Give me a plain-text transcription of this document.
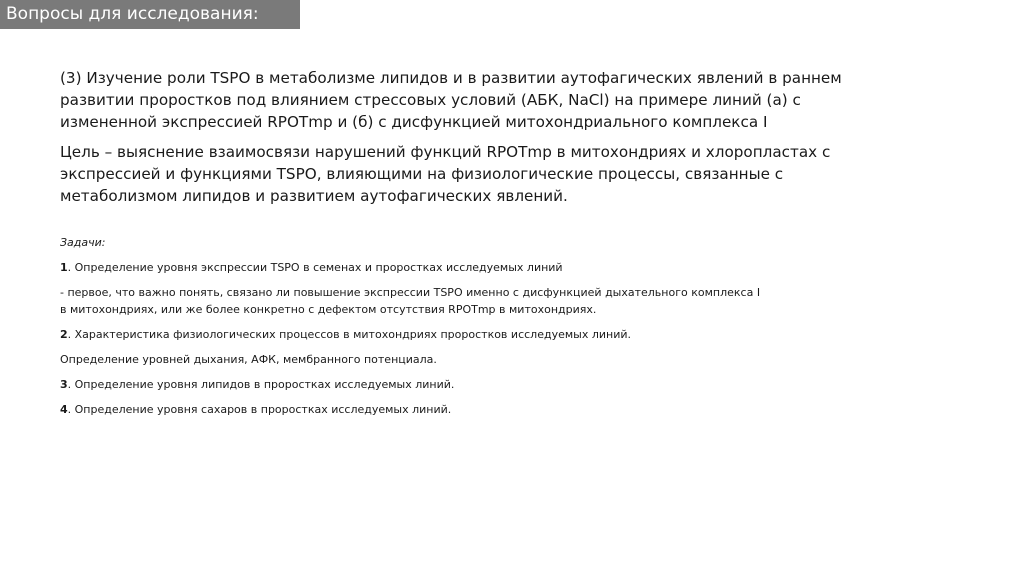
Вопросы для исследования:

(3) Изучение роли TSPO в метаболизме липидов и в развитии аутофагических явлений в раннем развитии проростков под влиянием стрессовых условий (АБК, NaCl) на примере линий (а) с измененной экспрессией RPOTmp и (б) с дисфункцией митохондриального комплекса I

Цель – выяснение взаимосвязи нарушений функций RPOTmp в митохондриях и хлоропластах с экспрессией и функциями TSPO, влияющими на физиологические процессы, связанные с метаболизмом липидов и развитием аутофагических явлений.

Задачи:

1. Определение уровня экспрессии TSPO в семенах и проростках исследуемых линий

- первое, что важно понять, связано ли повышение экспрессии TSPO именно с дисфункцией дыхательного комплекса I
в митохондриях, или же более конкретно с дефектом отсутствия RPOTmp в митохондриях.

2. Характеристика физиологических процессов в митохондриях проростков исследуемых линий.

Определение уровней дыхания, АФК, мембранного потенциала.

3. Определение уровня липидов в проростках исследуемых линий.

4. Определение уровня сахаров в проростках исследуемых линий.
